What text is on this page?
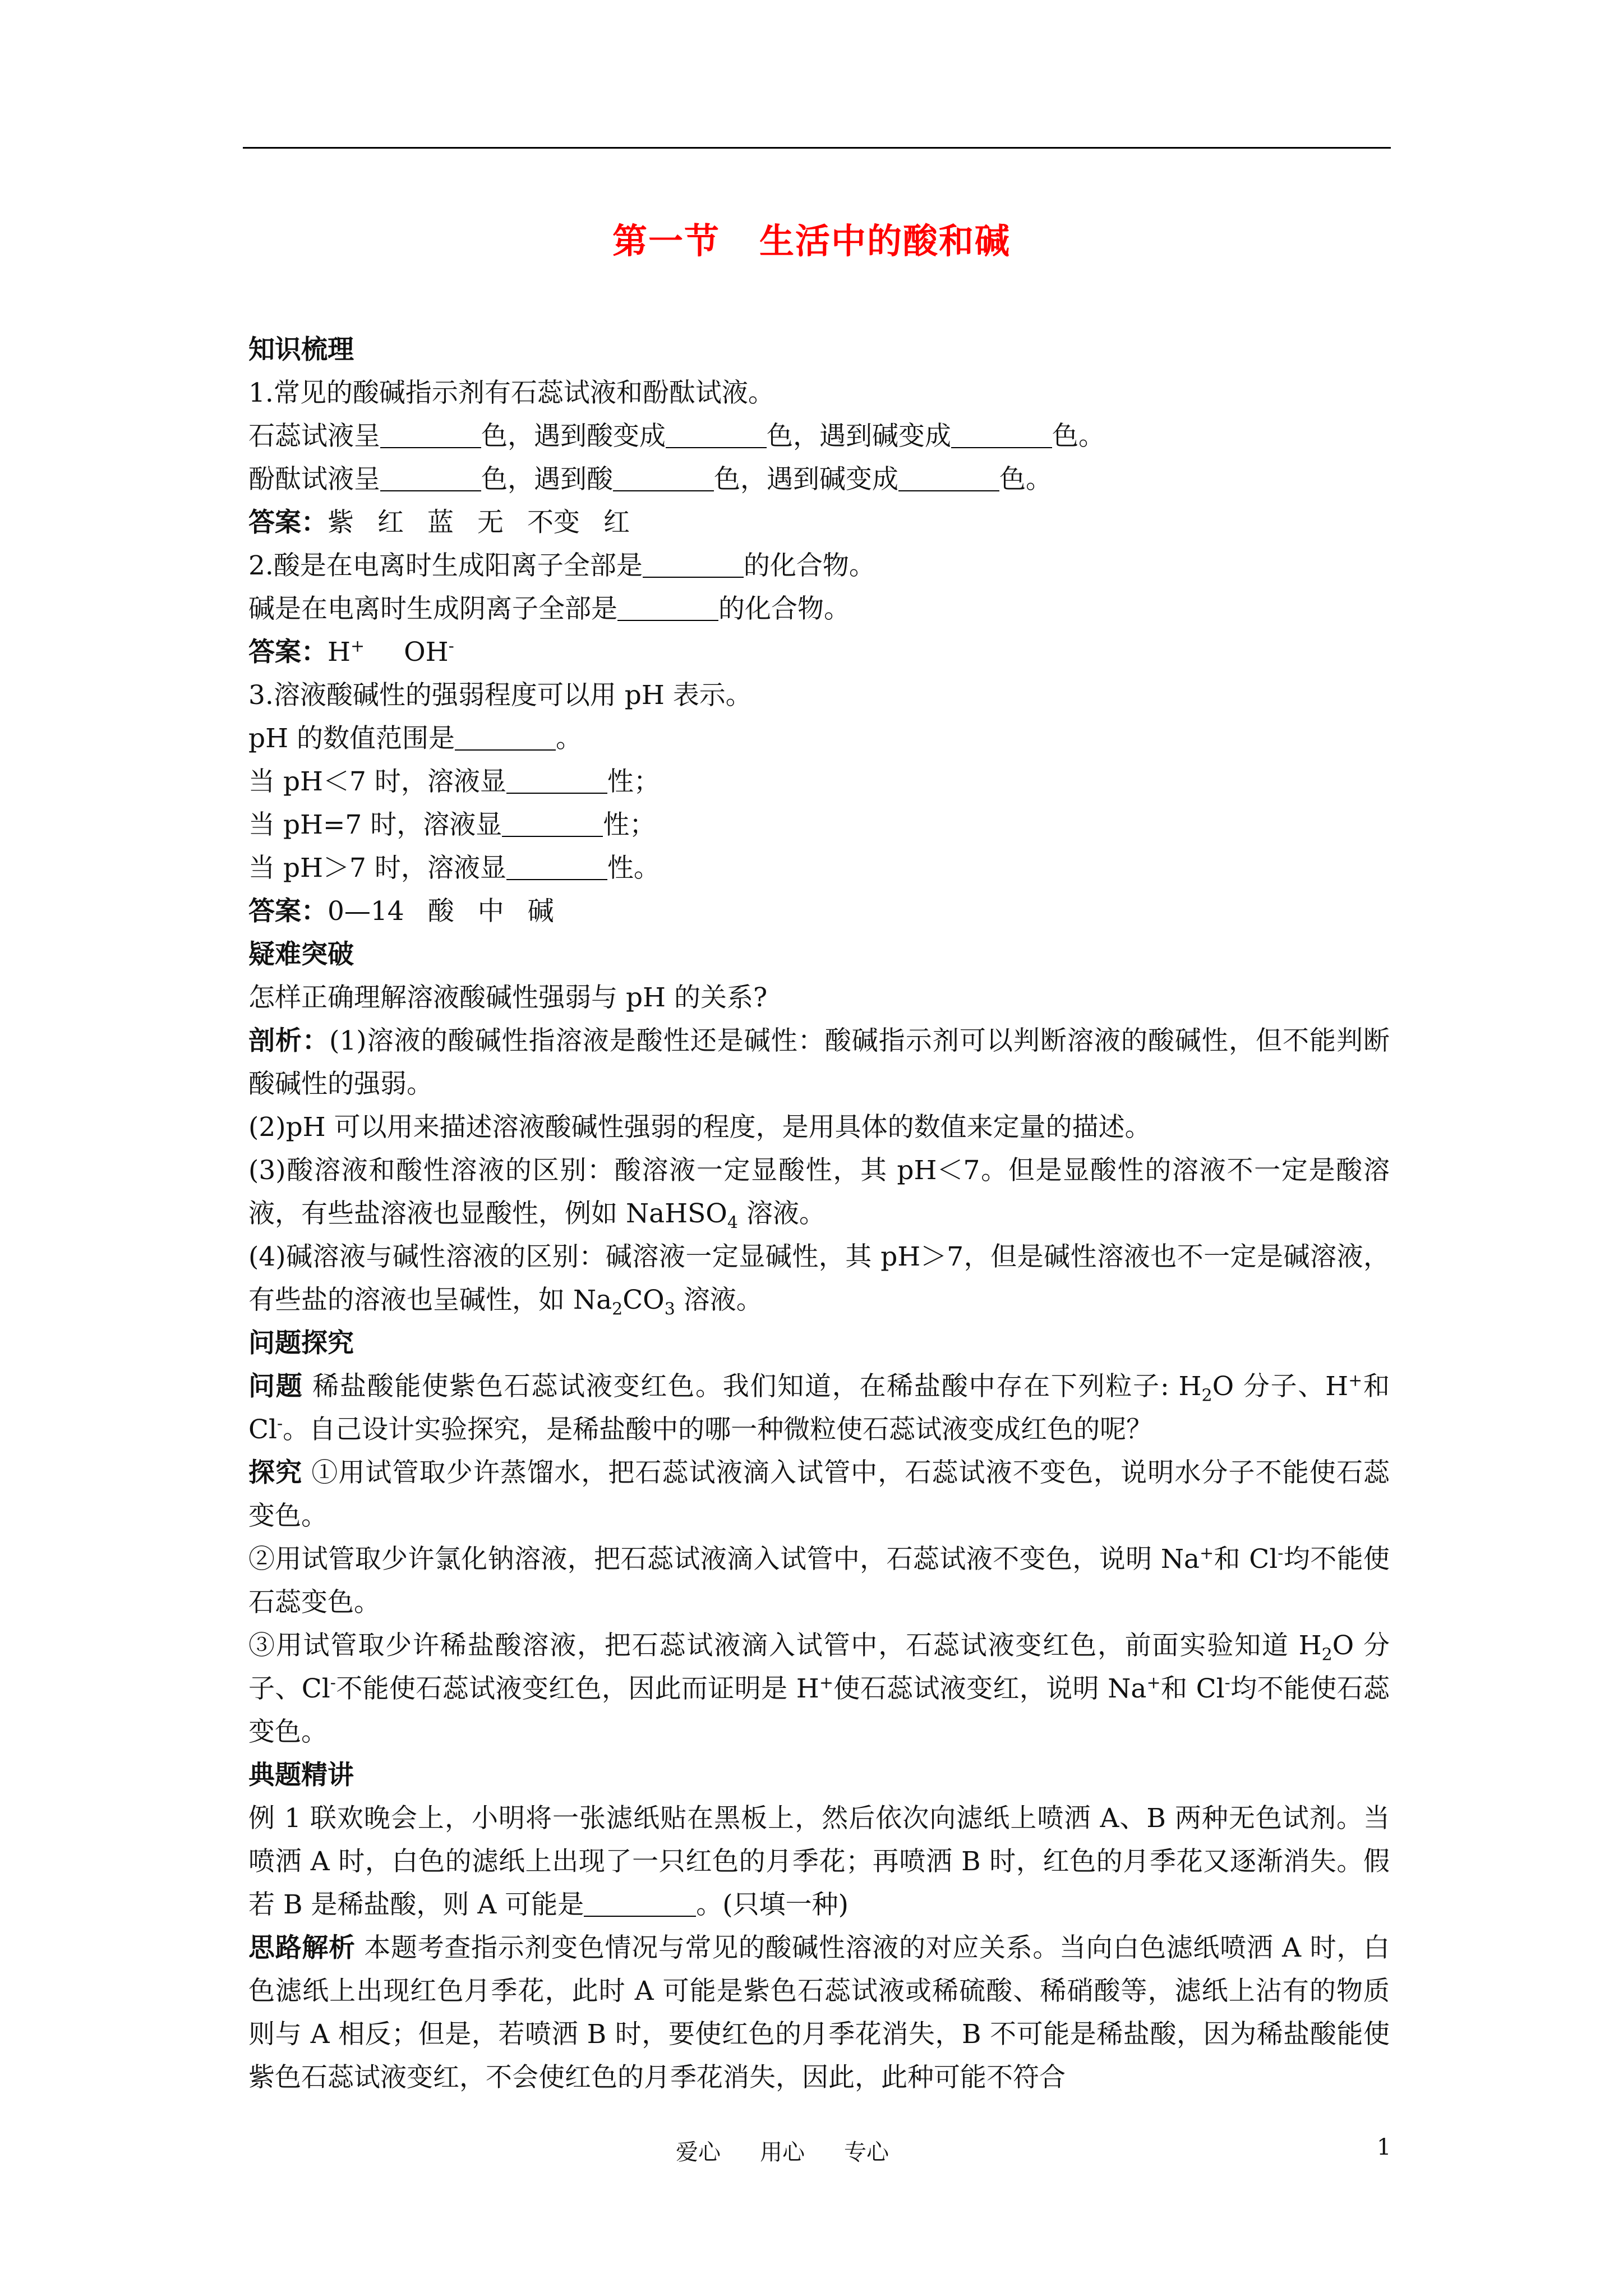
第一节 生活中的酸和碱
知识梳理
1.常见的酸碱指示剂有石蕊试液和酚酞试液。
石蕊试液呈	色，遇到酸变成	色，遇到碱变成	色。
酚酞试液呈	色，遇到酸	色，遇到碱变成	色。
答案：紫 红 蓝 无 不变 红
2.酸是在电离时生成阳离子全部是	的化合物。
碱是在电离时生成阴离子全部是	的化合物。
答案：H+ OH-
3.溶液酸碱性的强弱程度可以用 pH 表示。
pH 的数值范围是	。
当 pH＜7 时，溶液显	性；
当 pH=7 时，溶液显	性；
当 pH＞7 时，溶液显	性。
答案：0—14 酸 中 碱
疑难突破
怎样正确理解溶液酸碱性强弱与 pH 的关系?
剖析：(1)溶液的酸碱性指溶液是酸性还是碱性：酸碱指示剂可以判断溶液的酸碱性，但不能判断酸碱性的强弱。
(2)pH 可以用来描述溶液酸碱性强弱的程度，是用具体的数值来定量的描述。
(3)酸溶液和酸性溶液的区别：酸溶液一定显酸性，其 pH＜7。但是显酸性的溶液不一定是酸溶液，有些盐溶液也显酸性，例如 NaHSO$_4$ 溶液。
(4)碱溶液与碱性溶液的区别：碱溶液一定显碱性，其 pH＞7，但是碱性溶液也不一定是碱溶液，有些盐的溶液也呈碱性，如 $Na_2CO_3$ 溶液。
问题探究
问题 稀盐酸能使紫色石蕊试液变红色。我们知道，在稀盐酸中存在下列粒子: $H_2O$ 分子、H+和 Cl-。自己设计实验探究，是稀盐酸中的哪一种微粒使石蕊试液变成红色的呢？
探究 ①用试管取少许蒸馏水，把石蕊试液滴入试管中，石蕊试液不变色，说明水分子不能使石蕊变色。
②用试管取少许氯化钠溶液，把石蕊试液滴入试管中，石蕊试液不变色，说明 Na+和 Cl-均不能使石蕊变色。
③用试管取少许稀盐酸溶液，把石蕊试液滴入试管中，石蕊试液变红色，前面实验知道 $H_2O$ 分子、Cl-不能使石蕊试液变红色，因此而证明是 H+使石蕊试液变红，说明 Na+和 Cl-均不能使石蕊变色。
典题精讲
例 1 联欢晚会上，小明将一张滤纸贴在黑板上，然后依次向滤纸上喷洒 A、B 两种无色试剂。当喷洒 A 时，白色的滤纸上出现了一只红色的月季花；再喷洒 B 时，红色的月季花又逐渐消失。假若 B 是稀盐酸，则 A 可能是	。(只填一种)
思路解析 本题考查指示剂变色情况与常见的酸碱性溶液的对应关系。当向白色滤纸喷洒 A 时，白色滤纸上出现红色月季花，此时 A 可能是紫色石蕊试液或稀硫酸、稀硝酸等，滤纸上沾有的物质则与 A 相反；但是，若喷洒 B 时，要使红色的月季花消失，B 不可能是稀盐酸，因为稀盐酸能使紫色石蕊试液变红，不会使红色的月季花消失，因此，此种可能不符合
爱心 用心 专心	1
